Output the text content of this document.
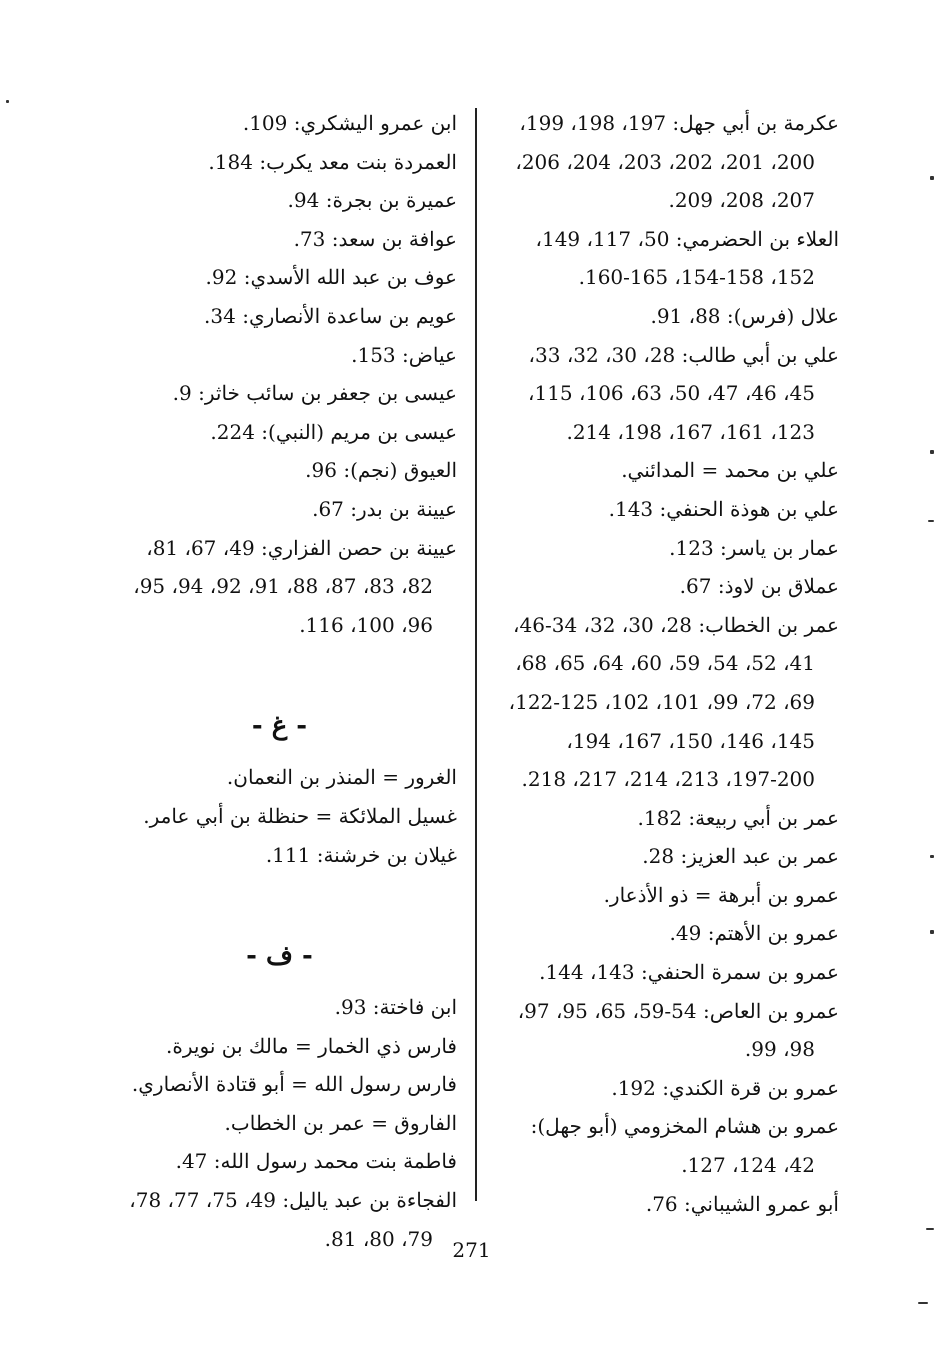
عكرمة بن أبي جهل: 197، 198، 199،
200، 201، 202، 203، 204، 206،
207، 208، 209.
العلاء بن الحضرمي: 50، 117، 149،
152، 154-158، 160-165.
علال (فرس): 88، 91.
علي بن أبي طالب: 28، 30، 32، 33،
45، 46، 47، 50، 63، 106، 115،
123، 161، 167، 198، 214.
علي بن محمد = المدائني.
علي بن هوذة الحنفي: 143.
عمار بن ياسر: 123.
عملاق بن لاوذ: 67.
عمر بن الخطاب: 28، 30، 32، 34-46،
41، 52، 54، 59، 60، 64، 65، 68،
69، 72، 99، 101، 102، 122-125،
145، 146، 150، 167، 194،
197-200، 213، 214، 217، 218.
عمر بن أبي ربيعة: 182.
عمر بن عبد العزيز: 28.
عمرو بن أبرهة = ذو الأذعار.
عمرو بن الأهتم: 49.
عمرو بن سمرة الحنفي: 143، 144.
عمرو بن العاص: 54-59، 65، 95، 97،
98، 99.
عمرو بن قرة الكندي: 192.
عمرو بن هشام المخزومي (أبو جهل):
42، 124، 127.
أبو عمرو الشيباني: 76.
ابن عمرو اليشكري: 109.
العمردة بنت معد يكرب: 184.
عميرة بن بجرة: 94.
عوافة بن سعد: 73.
عوف بن عبد الله الأسدي: 92.
عويم بن ساعدة الأنصاري: 34.
عياض: 153.
عيسى بن جعفر بن سائب خاثر: 9.
عيسى بن مريم (النبي): 224.
العيوق (نجم): 96.
عيينة بن بدر: 67.
عيينة بن حصن الفزاري: 49، 67، 81،
82، 83، 87، 88، 91، 92، 94، 95،
96، 100، 116.
- غ -
الغرور = المنذر بن النعمان.
غسيل الملائكة = حنظلة بن أبي عامر.
غيلان بن خرشنة: 111.
- ف -
ابن فاختة: 93.
فارس ذي الخمار = مالك بن نويرة.
فارس رسول الله = أبو قتادة الأنصاري.
الفاروق = عمر بن الخطاب.
فاطمة بنت محمد رسول الله: 47.
الفجاءة بن عبد ياليل: 49، 75، 77، 78،
79، 80، 81. 271
